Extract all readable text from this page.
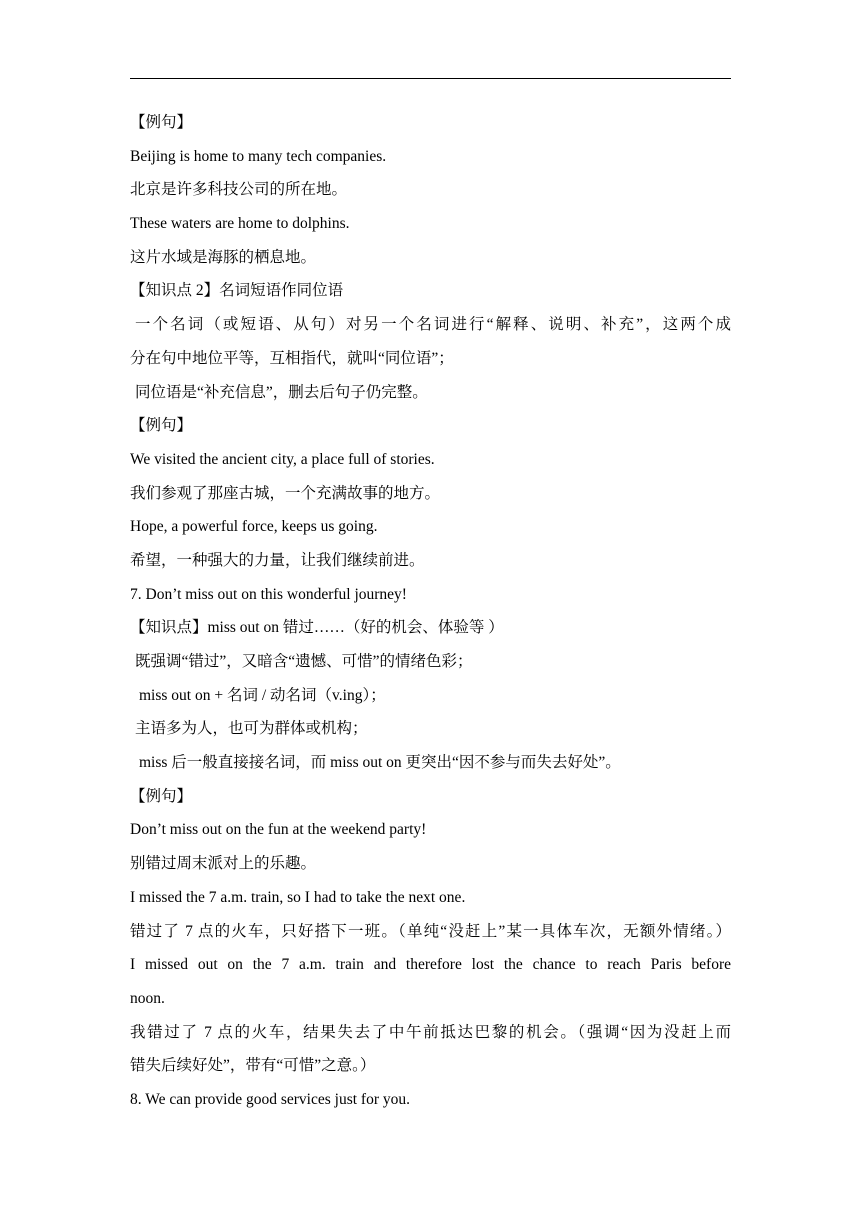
【例句】
Beijing is home to many tech companies.
北京是许多科技公司的所在地。
These waters are home to dolphins.
这片水域是海豚的栖息地。
【知识点 2】名词短语作同位语
一个名词（或短语、从句）对另一个名词进行“解释、说明、补充”，这两个成
分在句中地位平等，互相指代，就叫“同位语”；
同位语是“补充信息”，删去后句子仍完整。
【例句】
We visited the ancient city, a place full of stories.
我们参观了那座古城，一个充满故事的地方。
Hope, a powerful force, keeps us going.
希望，一种强大的力量，让我们继续前进。
7. Don’t miss out on this wonderful journey!
【知识点】miss out on 错过……（好的机会、体验等 ）
既强调“错过”，又暗含“遗憾、可惜”的情绪色彩；
miss out on + 名词 / 动名词（v.ing）；
主语多为人，也可为群体或机构；
miss 后一般直接接名词，而 miss out on 更突出“因不参与而失去好处”。
【例句】
Don’t miss out on the fun at the weekend party!
别错过周末派对上的乐趣。
I missed the 7 a.m. train, so I had to take the next one.
错过了 7 点的火车，只好搭下一班。（单纯“没赶上”某一具体车次，无额外情绪。）
I missed out on the 7 a.m. train and therefore lost the chance to reach Paris before
noon.
我错过了 7 点的火车，结果失去了中午前抵达巴黎的机会。（强调“因为没赶上而
错失后续好处”，带有“可惜”之意。）
8. We can provide good services just for you.
